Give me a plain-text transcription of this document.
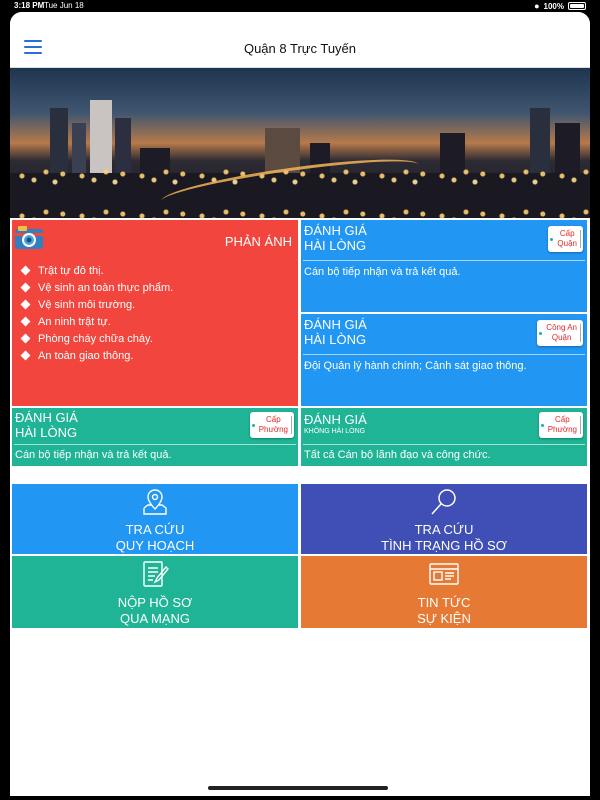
3:18 PM Tue Jun 18	● 100%
Quận 8 Trực Tuyến
PHẢN ÁNH
Trật tự đô thị.
Vệ sinh an toàn thực phẩm.
Vệ sinh môi trường.
An ninh trật tự.
Phòng cháy chữa cháy.
An toàn giao thông.
ĐÁNH GIÁ
HÀI LÒNG
Cấp
Quận
Cán bộ tiếp nhận và trả kết quả.
ĐÁNH GIÁ
HÀI LÒNG
Công An
Quận
Đội Quản lý hành chính; Cảnh sát giao thông.
ĐÁNH GIÁ
HÀI LÒNG
Cấp
Phường
Cán bộ tiếp nhận và trả kết quả.
ĐÁNH GIÁ
KHÔNG HÀI LÒNG
Cấp
Phường
Tất cả Cán bộ lãnh đạo và công chức.
TRA CỨU
QUY HOẠCH
TRA CỨU
TÌNH TRẠNG HỒ SƠ
NỘP HỒ SƠ
QUA MẠNG
TIN TỨC
SỰ KIỆN
